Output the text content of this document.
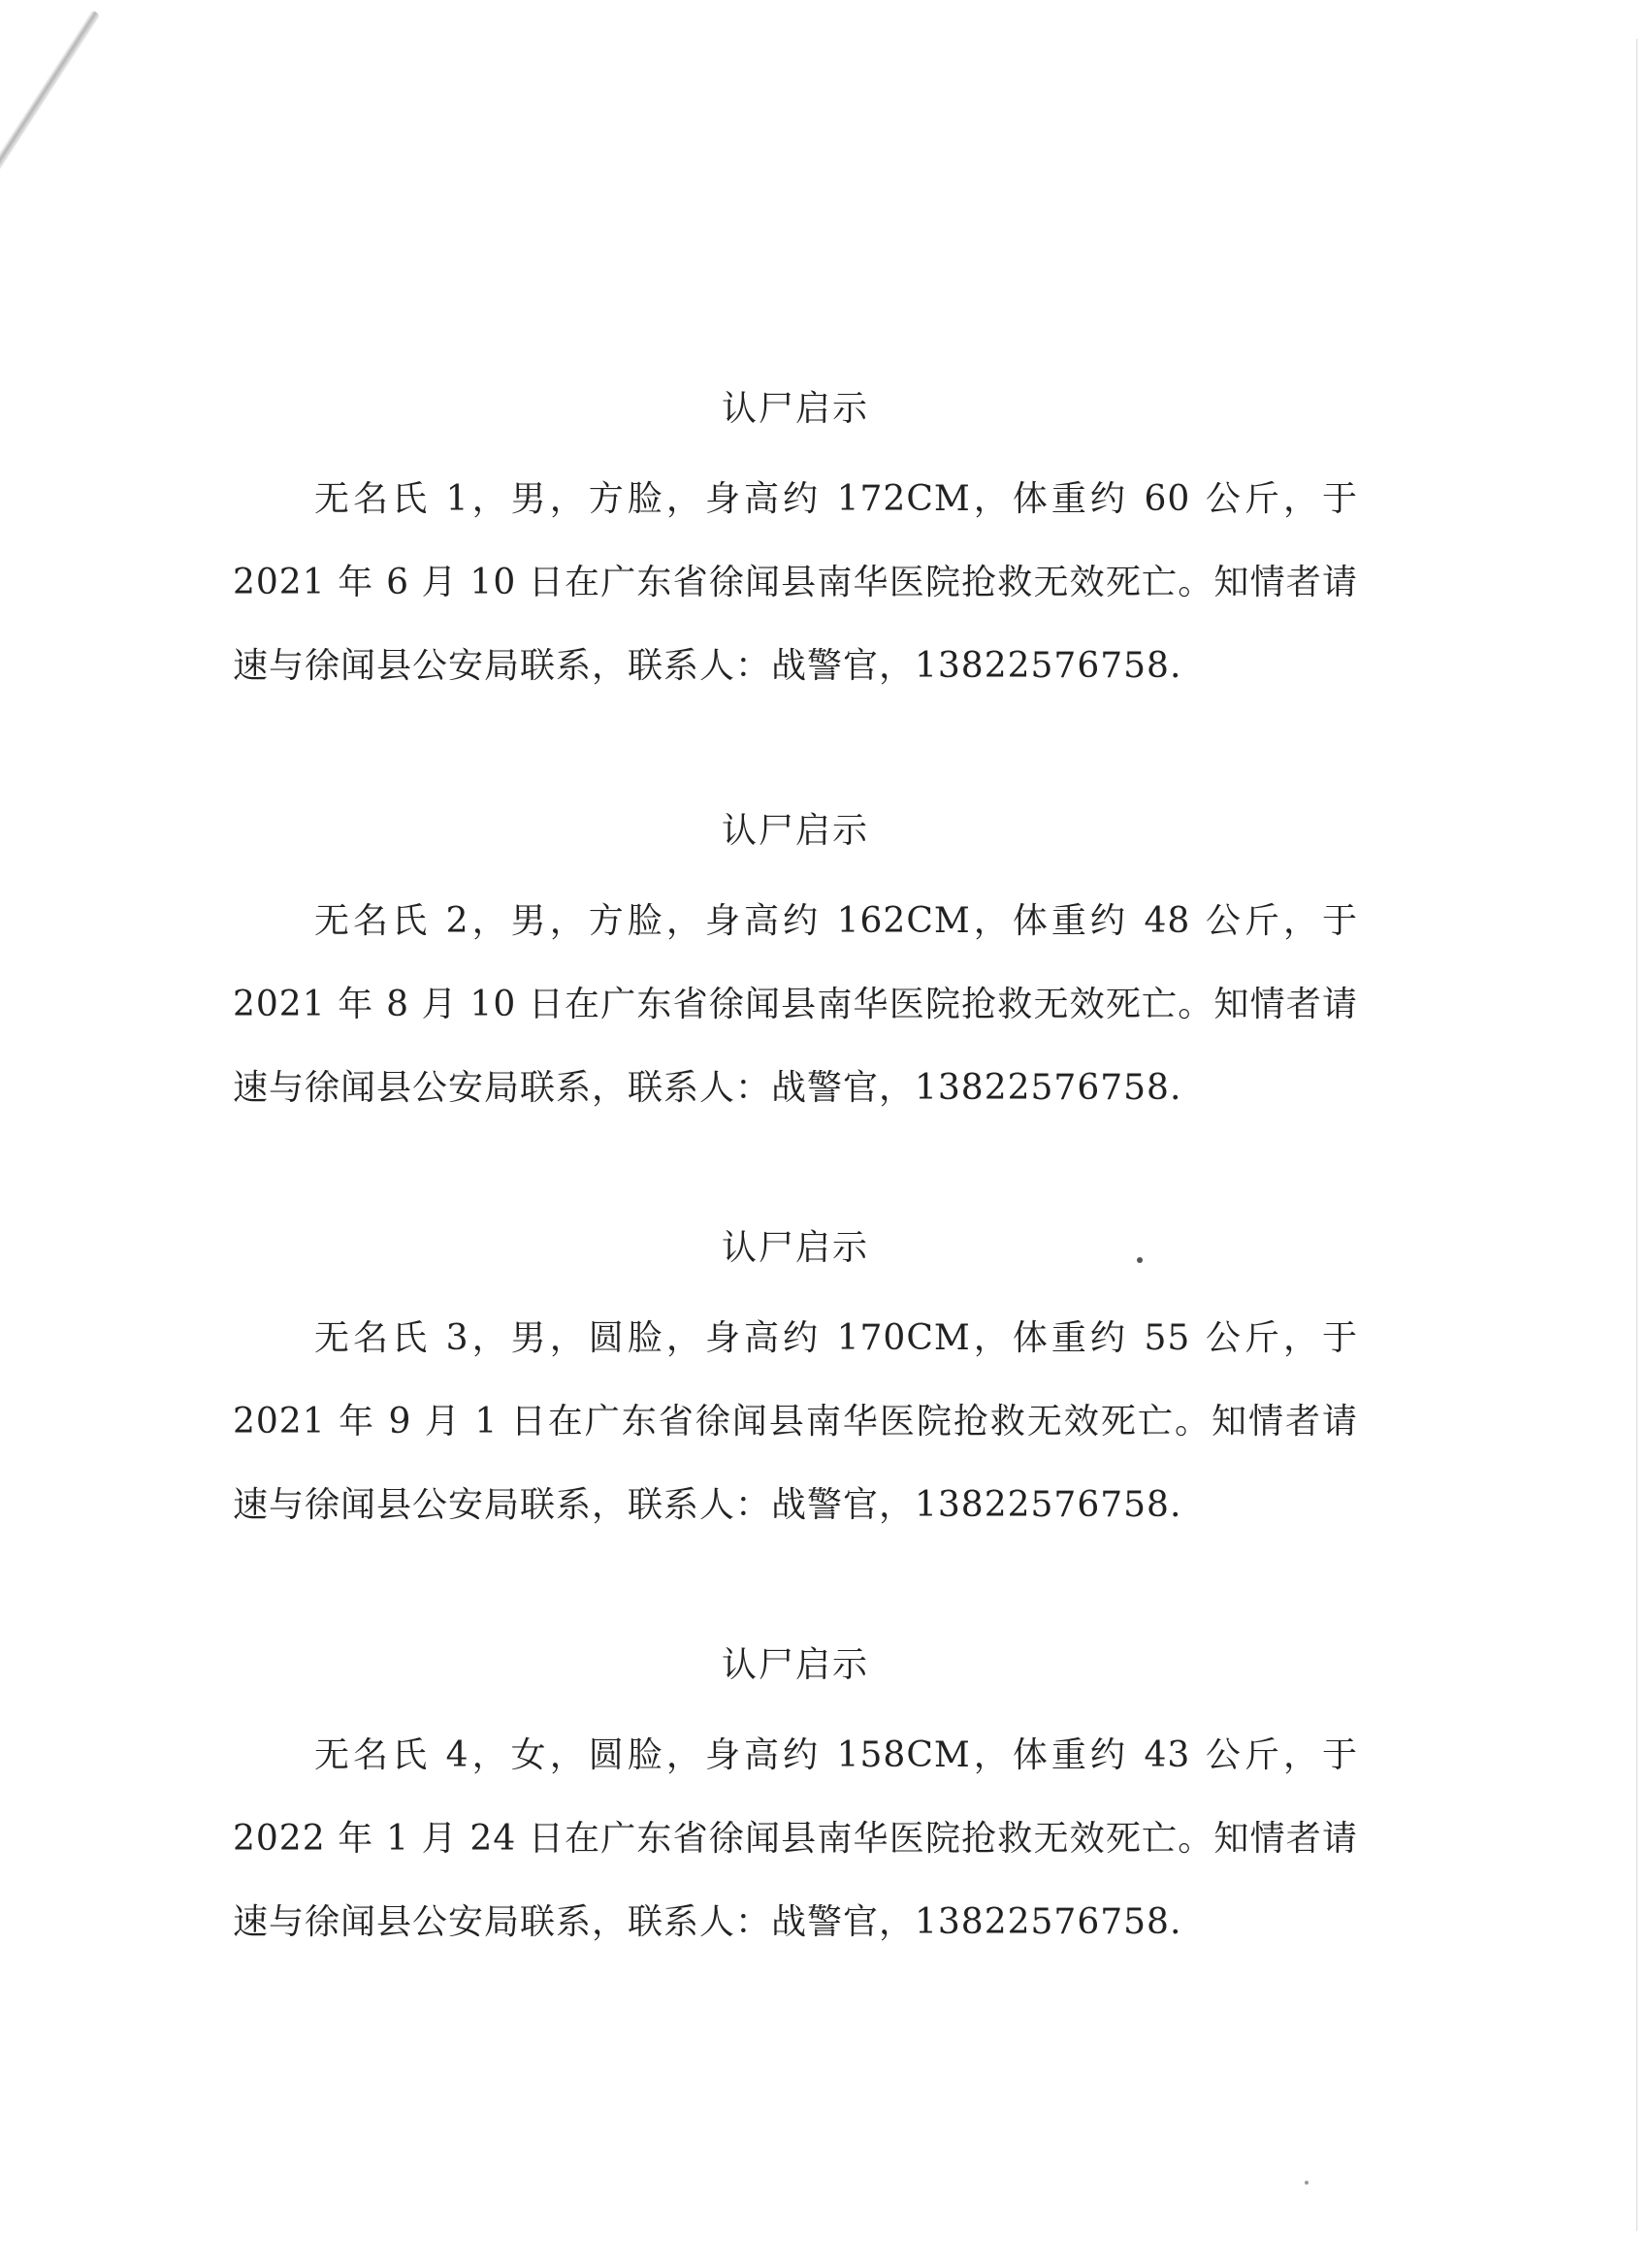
认尸启示

无名氏 1，男，方脸，身高约 172CM，体重约 60 公斤，于 2021 年 6 月 10 日在广东省徐闻县南华医院抢救无效死亡。知情者请速与徐闻县公安局联系，联系人：战警官，13822576758.

认尸启示

无名氏 2，男，方脸，身高约 162CM，体重约 48 公斤，于 2021 年 8 月 10 日在广东省徐闻县南华医院抢救无效死亡。知情者请速与徐闻县公安局联系，联系人：战警官，13822576758.

认尸启示

无名氏 3，男，圆脸，身高约 170CM，体重约 55 公斤，于 2021 年 9 月 1 日在广东省徐闻县南华医院抢救无效死亡。知情者请速与徐闻县公安局联系，联系人：战警官，13822576758.

认尸启示

无名氏 4，女，圆脸，身高约 158CM，体重约 43 公斤，于 2022 年 1 月 24 日在广东省徐闻县南华医院抢救无效死亡。知情者请速与徐闻县公安局联系，联系人：战警官，13822576758.
